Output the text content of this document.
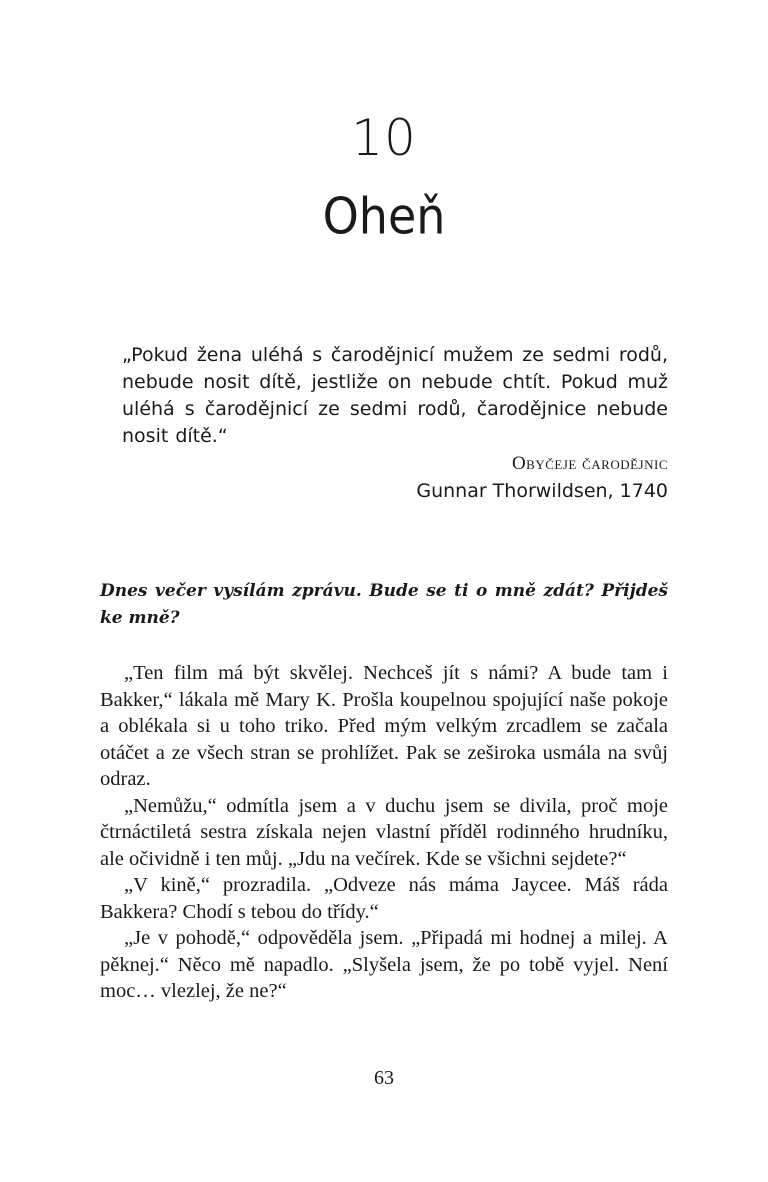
10
Oheň
„Pokud žena uléhá s čarodějnicí mužem ze sedmi rodů, nebude nosit dítě, jestliže on nebude chtít. Pokud muž uléhá s čarodějnicí ze sedmi rodů, čarodějnice nebude nosit dítě.“
Obyčeje čarodějnic
Gunnar Thorwildsen, 1740
Dnes večer vysílám zprávu. Bude se ti o mně zdát? Přijdeš ke mně?

„Ten film má být skvělej. Nechceš jít s námi? A bude tam i Bakker,“ lákala mě Mary K. Prošla koupelnou spojující naše pokoje a oblékala si u toho triko. Před mým velkým zrcadlem se začala otáčet a ze všech stran se prohlížet. Pak se zeširoka usmála na svůj odraz.

„Nemůžu,“ odmítla jsem a v duchu jsem se divila, proč moje čtrnáctiletá sestra získala nejen vlastní příděl rodinného hrudníku, ale očividně i ten můj. „Jdu na večírek. Kde se všichni sejdete?“

„V kině,“ prozradila. „Odveze nás máma Jaycee. Máš ráda Bakkera? Chodí s tebou do třídy.“

„Je v pohodě,“ odpověděla jsem. „Připadá mi hodnej a milej. A pěknej.“ Něco mě napadlo. „Slyšela jsem, že po tobě vyjel. Není moc… vlezlej, že ne?“

63
